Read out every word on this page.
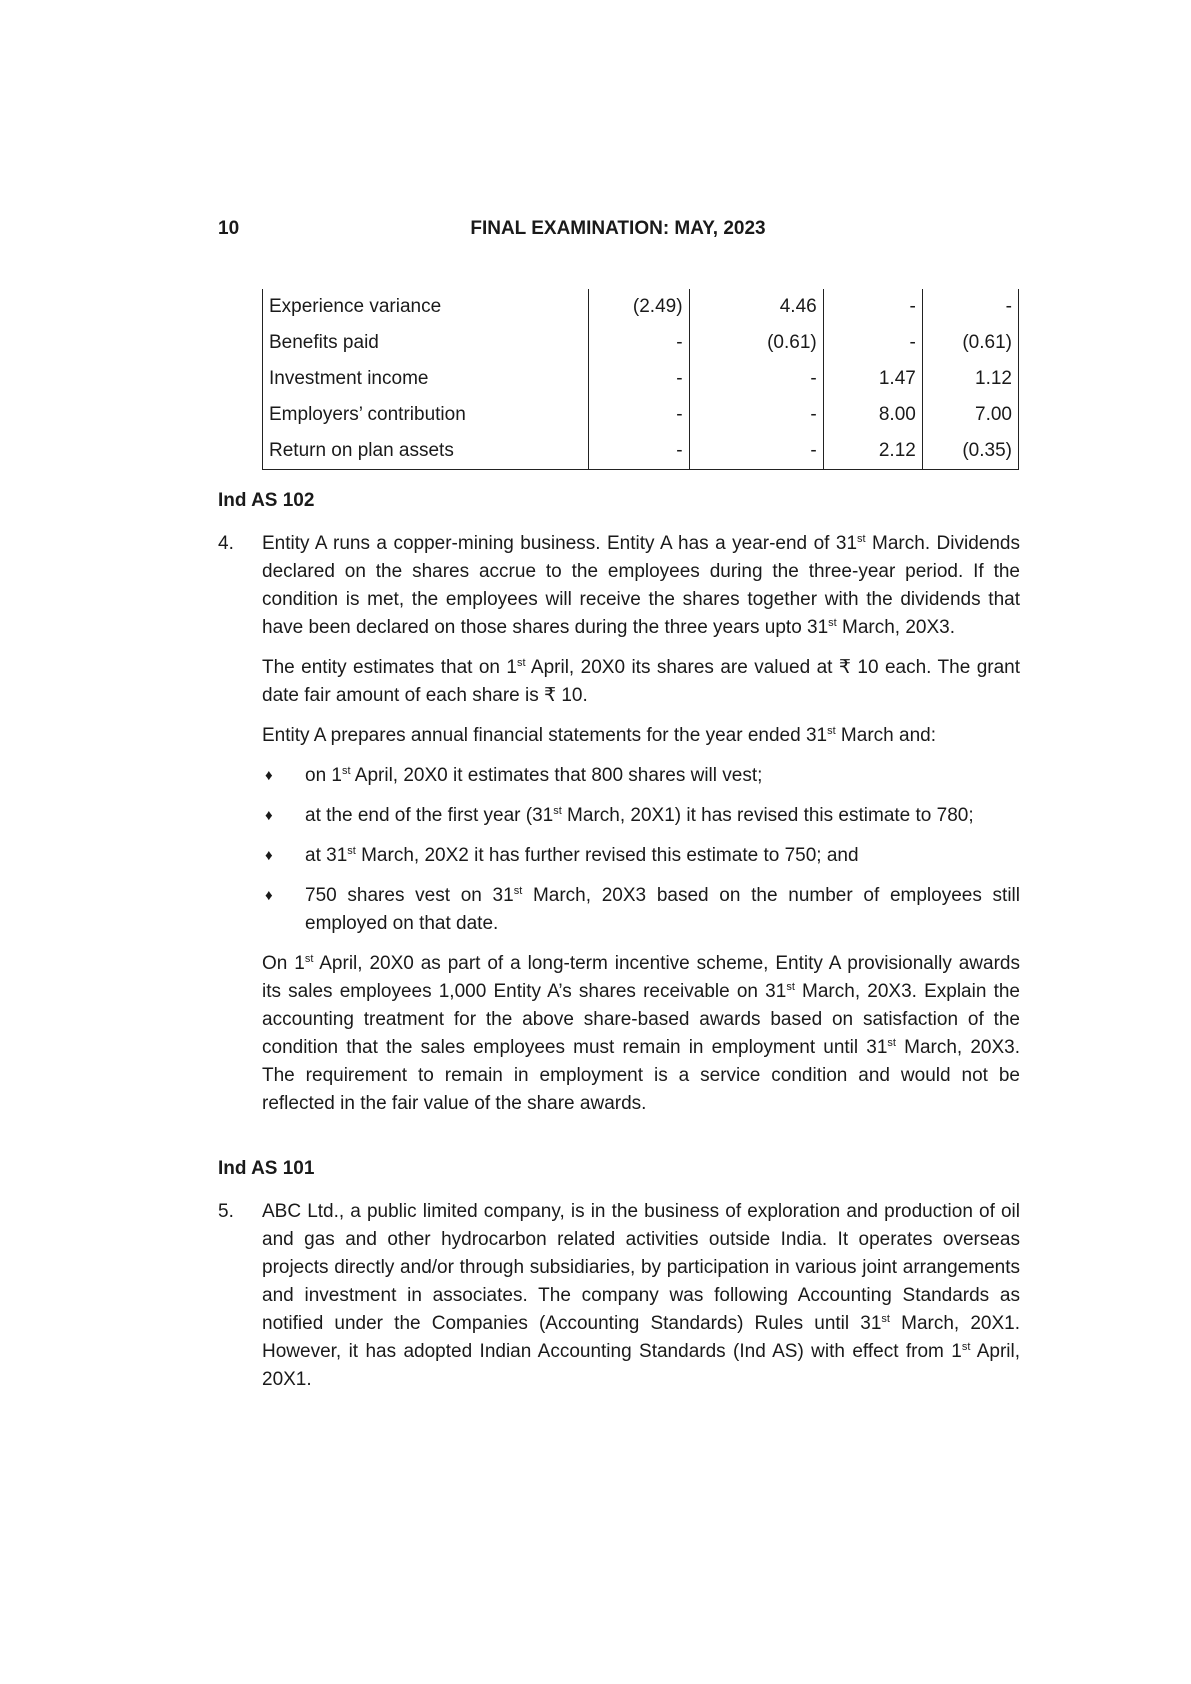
10	FINAL EXAMINATION: MAY, 2023
Experience variance	(2.49)	4.46	-	-
Benefits paid	-	(0.61)	-	(0.61)
Investment income	-	-	1.47	1.12
Employers’ contribution	-	-	8.00	7.00
Return on plan assets	-	-	2.12	(0.35)
Ind AS 102
4. Entity A runs a copper-mining business. Entity A has a year-end of 31st March. Dividends declared on the shares accrue to the employees during the three-year period. If the condition is met, the employees will receive the shares together with the dividends that have been declared on those shares during the three years upto 31st March, 20X3.

The entity estimates that on 1st April, 20X0 its shares are valued at ₹ 10 each. The grant date fair amount of each share is ₹ 10.

Entity A prepares annual financial statements for the year ended 31st March and:

♦ on 1st April, 20X0 it estimates that 800 shares will vest;
♦ at the end of the first year (31st March, 20X1) it has revised this estimate to 780;
♦ at 31st March, 20X2 it has further revised this estimate to 750; and
♦ 750 shares vest on 31st March, 20X3 based on the number of employees still employed on that date.

On 1st April, 20X0 as part of a long-term incentive scheme, Entity A provisionally awards its sales employees 1,000 Entity A’s shares receivable on 31st March, 20X3. Explain the accounting treatment for the above share-based awards based on satisfaction of the condition that the sales employees must remain in employment until 31st March, 20X3. The requirement to remain in employment is a service condition and would not be reflected in the fair value of the share awards.

Ind AS 101
5. ABC Ltd., a public limited company, is in the business of exploration and production of oil and gas and other hydrocarbon related activities outside India. It operates overseas projects directly and/or through subsidiaries, by participation in various joint arrangements and investment in associates. The company was following Accounting Standards as notified under the Companies (Accounting Standards) Rules until 31st March, 20X1. However, it has adopted Indian Accounting Standards (Ind AS) with effect from 1st April, 20X1.
